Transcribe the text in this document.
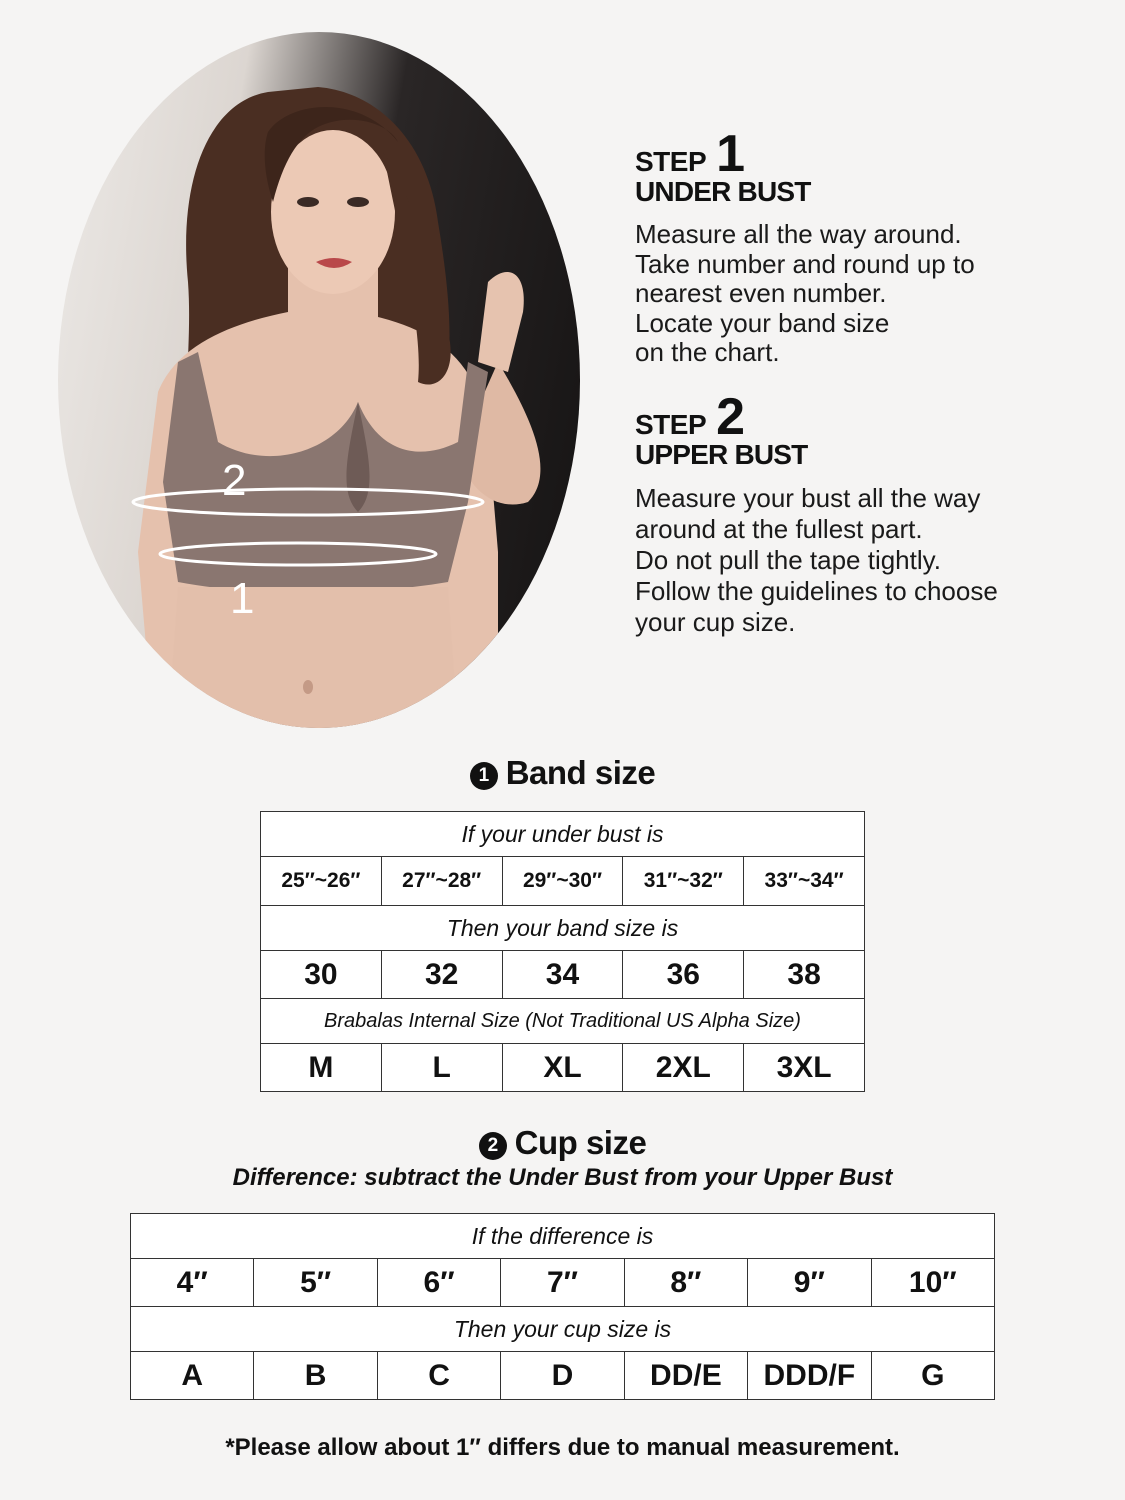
2
1
STEP 1
UNDER BUST
Measure all the way around.
Take number and round up to
nearest even number.
Locate your band size
on the chart.
STEP 2
UPPER BUST
Measure your bust all the way
around at the fullest part.
Do not pull the tape tightly.
Follow the guidelines to choose
your cup size.
1 Band size
If your under bust is				
25″~26″	27″~28″	29″~30″	31″~32″	33″~34″
Then your band size is				
30	32	34	36	38
Brabalas Internal Size (Not Traditional US Alpha Size)				
M	L	XL	2XL	3XL
2 Cup size
Difference: subtract the Under Bust from your Upper Bust
If the difference is						
4″	5″	6″	7″	8″	9″	10″
Then your cup size is						
A	B	C	D	DD/E	DDD/F	G
*Please allow about 1″ differs due to manual measurement.
